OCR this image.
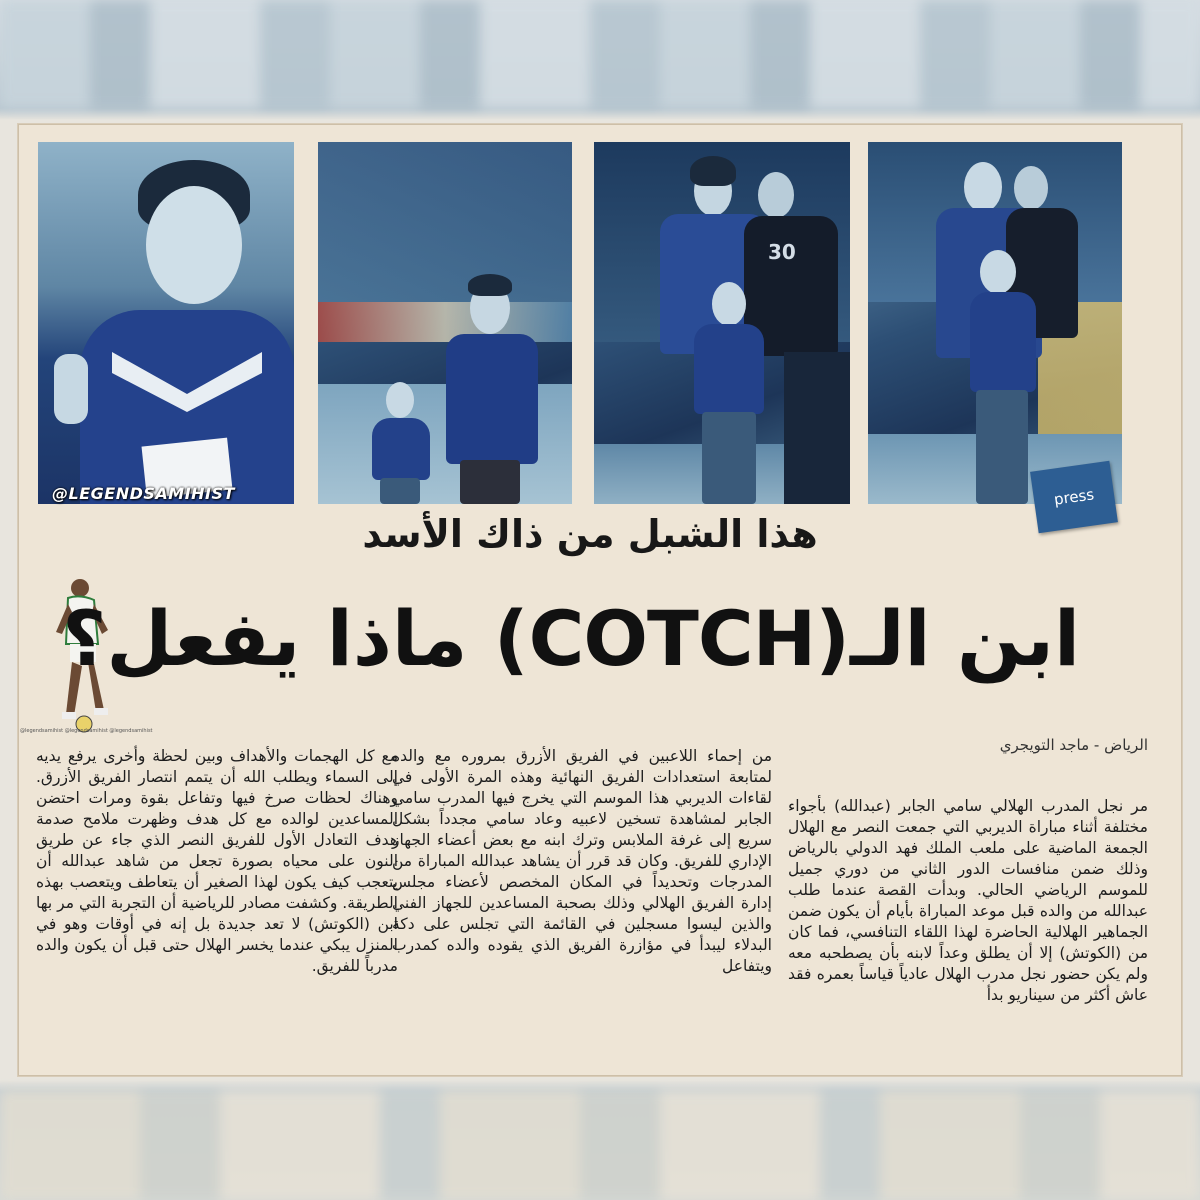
30
@LEGENDSAMIHIST	press
هذا الشبل من ذاك الأسد
@legendsamihist @legendsamihist @legendsamihist
ابن الـ(COTCH) ماذا يفعل؟
الرياض - ماجد التويجري

مر نجل المدرب الهلالي سامي الجابر (عبدالله) بأجواء مختلفة أثناء مباراة الديربي التي جمعت النصر مع الهلال الجمعة الماضية على ملعب الملك فهد الدولي بالرياض وذلك ضمن منافسات الدور الثاني من دوري جميل للموسم الرياضي الحالي. وبدأت القصة عندما طلب عبدالله من والده قبل موعد المباراة بأيام أن يكون ضمن الجماهير الهلالية الحاضرة لهذا اللقاء التنافسي، فما كان من (الكوتش) إلا أن يطلق وعداً لابنه بأن يصطحبه معه ولم يكن حضور نجل مدرب الهلال عادياً قياساً بعمره فقد عاش أكثر من سيناريو بدأ

من إحماء اللاعبين في الفريق الأزرق بمروره مع والده لمتابعة استعدادات الفريق النهائية وهذه المرة الأولى في لقاءات الديربي هذا الموسم التي يخرج فيها المدرب سامي الجابر لمشاهدة تسخين لاعبيه وعاد سامي مجدداً بشكل سريع إلى غرفة الملابس وترك ابنه مع بعض أعضاء الجهاز الإداري للفريق. وكان قد قرر أن يشاهد عبدالله المباراة من المدرجات وتحديداً في المكان المخصص لأعضاء مجلس إدارة الفريق الهلالي وذلك بصحبة المساعدين للجهاز الفني والذين ليسوا مسجلين في القائمة التي تجلس على دكة البدلاء ليبدأ في مؤازرة الفريق الذي يقوده والده كمدرب ويتفاعل

مع كل الهجمات والأهداف وبين لحظة وأخرى يرفع يديه إلى السماء ويطلب الله أن يتمم انتصار الفريق الأزرق. وهناك لحظات صرخ فيها وتفاعل بقوة ومرات احتضن المساعدين لوالده مع كل هدف وظهرت ملامح صدمة هدف التعادل الأول للفريق النصر الذي جاء عن طريق النون على محياه بصورة تجعل من شاهد عبدالله أن يتعجب كيف يكون لهذا الصغير أن يتعاطف ويتعصب بهذه الطريقة. وكشفت مصادر للرياضية أن التجربة التي مر بها ابن (الكوتش) لا تعد جديدة بل إنه في أوقات وهو في المنزل يبكي عندما يخسر الهلال حتى قبل أن يكون والده مدرباً للفريق.
